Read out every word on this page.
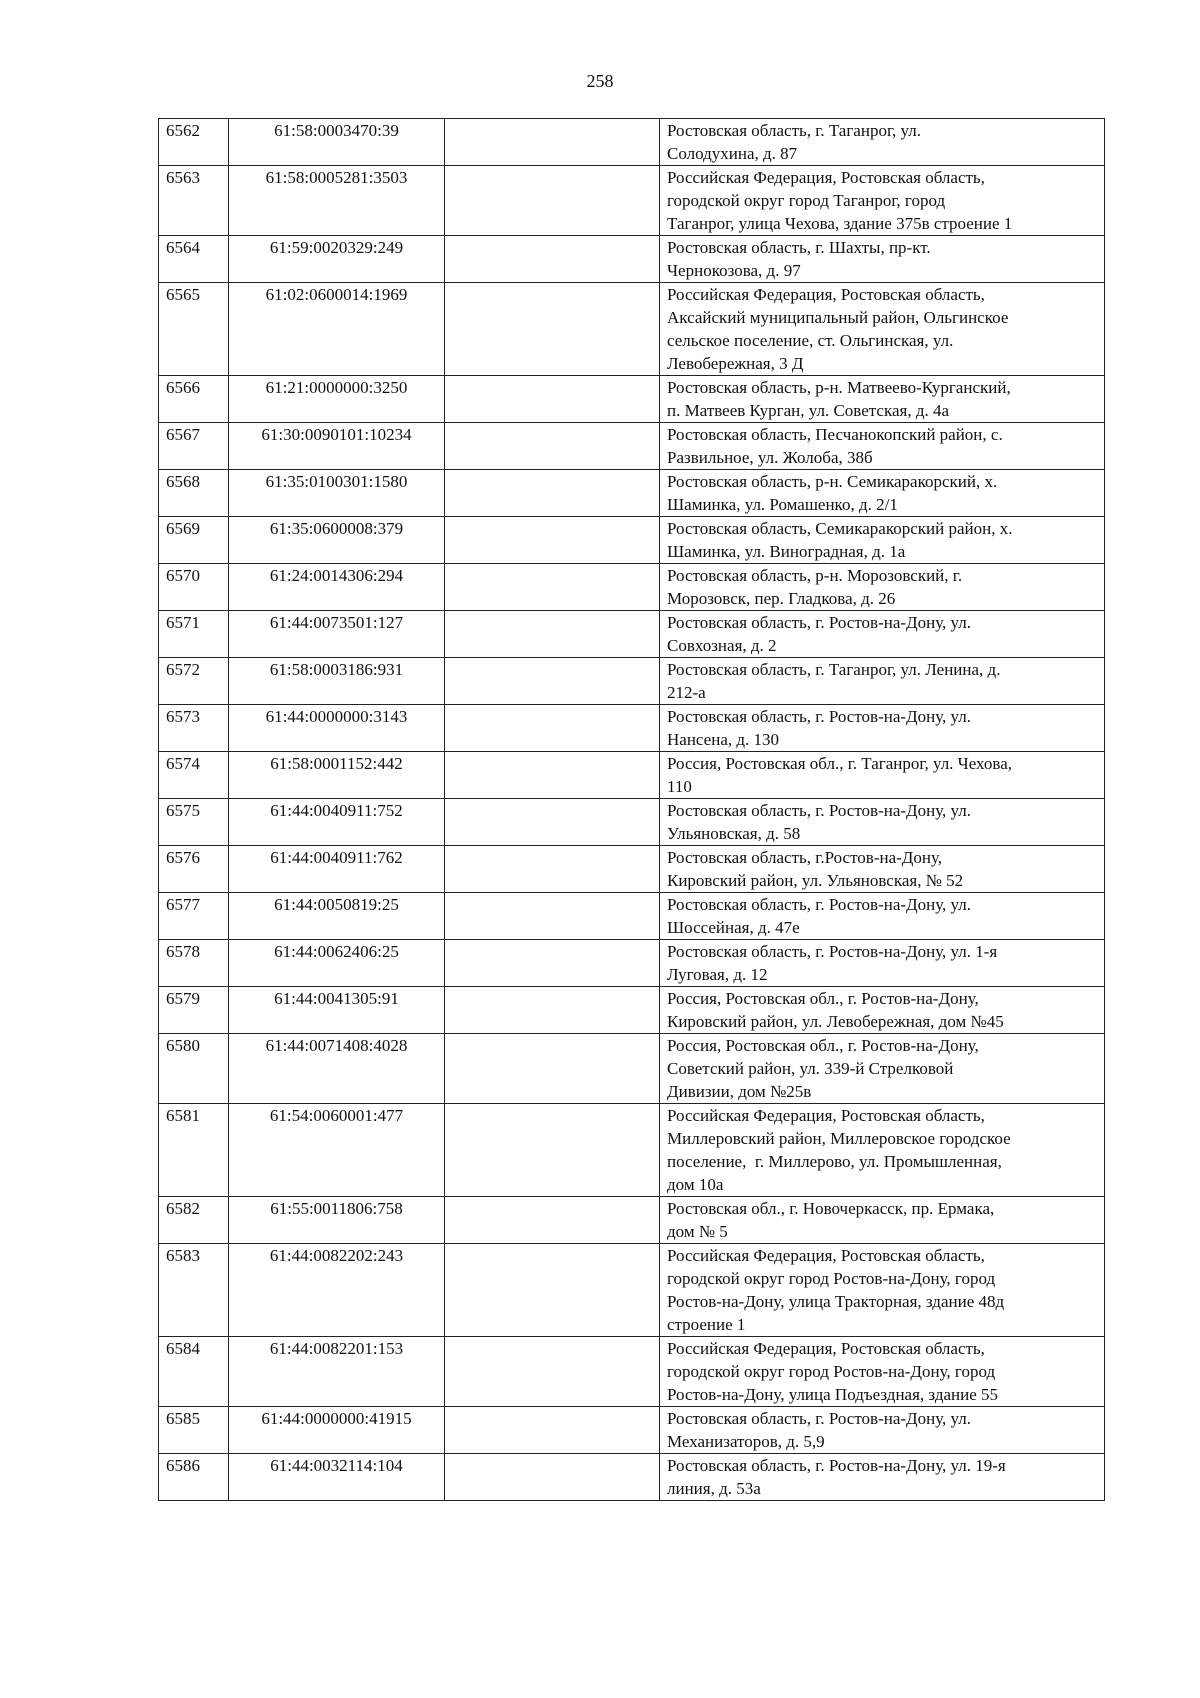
258
6562	61:58:0003470:39		Ростовская область, г. Таганрог, ул.
Солодухина, д. 87

6563	61:58:0005281:3503		Российская Федерация, Ростовская область,
городской округ город Таганрог, город
Таганрог, улица Чехова, здание 375в строение 1

6564	61:59:0020329:249		Ростовская область, г. Шахты, пр-кт.
Чернокозова, д. 97

6565	61:02:0600014:1969		Российская Федерация, Ростовская область,
Аксайский муниципальный район, Ольгинское
сельское поселение, ст. Ольгинская, ул.
Левобережная, 3 Д

6566	61:21:0000000:3250		Ростовская область, р-н. Матвеево-Курганский,
п. Матвеев Курган, ул. Советская, д. 4а

6567	61:30:0090101:10234		Ростовская область, Песчанокопский район, с.
Развильное, ул. Жолоба, 38б

6568	61:35:0100301:1580		Ростовская область, р-н. Семикаракорский, х.
Шаминка, ул. Ромашенко, д. 2/1

6569	61:35:0600008:379		Ростовская область, Семикаракорский район, х.
Шаминка, ул. Виноградная, д. 1а

6570	61:24:0014306:294		Ростовская область, р-н. Морозовский, г.
Морозовск, пер. Гладкова, д. 26

6571	61:44:0073501:127		Ростовская область, г. Ростов-на-Дону, ул.
Совхозная, д. 2

6572	61:58:0003186:931		Ростовская область, г. Таганрог, ул. Ленина, д.
212-а

6573	61:44:0000000:3143		Ростовская область, г. Ростов-на-Дону, ул.
Нансена, д. 130

6574	61:58:0001152:442		Россия, Ростовская обл., г. Таганрог, ул. Чехова,
110

6575	61:44:0040911:752		Ростовская область, г. Ростов-на-Дону, ул.
Ульяновская, д. 58

6576	61:44:0040911:762		Ростовская область, г.Ростов-на-Дону,
Кировский район, ул. Ульяновская, № 52

6577	61:44:0050819:25		Ростовская область, г. Ростов-на-Дону, ул.
Шоссейная, д. 47е

6578	61:44:0062406:25		Ростовская область, г. Ростов-на-Дону, ул. 1-я
Луговая, д. 12

6579	61:44:0041305:91		Россия, Ростовская обл., г. Ростов-на-Дону,
Кировский район, ул. Левобережная, дом №45

6580	61:44:0071408:4028		Россия, Ростовская обл., г. Ростов-на-Дону,
Советский район, ул. 339-й Стрелковой
Дивизии, дом №25в

6581	61:54:0060001:477		Российская Федерация, Ростовская область,
Миллеровский район, Миллеровское городское
поселение,  г. Миллерово, ул. Промышленная,
дом 10а

6582	61:55:0011806:758		Ростовская обл., г. Новочеркасск, пр. Ермака,
дом № 5

6583	61:44:0082202:243		Российская Федерация, Ростовская область,
городской округ город Ростов-на-Дону, город
Ростов-на-Дону, улица Тракторная, здание 48д
строение 1

6584	61:44:0082201:153		Российская Федерация, Ростовская область,
городской округ город Ростов-на-Дону, город
Ростов-на-Дону, улица Подъездная, здание 55

6585	61:44:0000000:41915		Ростовская область, г. Ростов-на-Дону, ул.
Механизаторов, д. 5,9

6586	61:44:0032114:104		Ростовская область, г. Ростов-на-Дону, ул. 19-я
линия, д. 53а
